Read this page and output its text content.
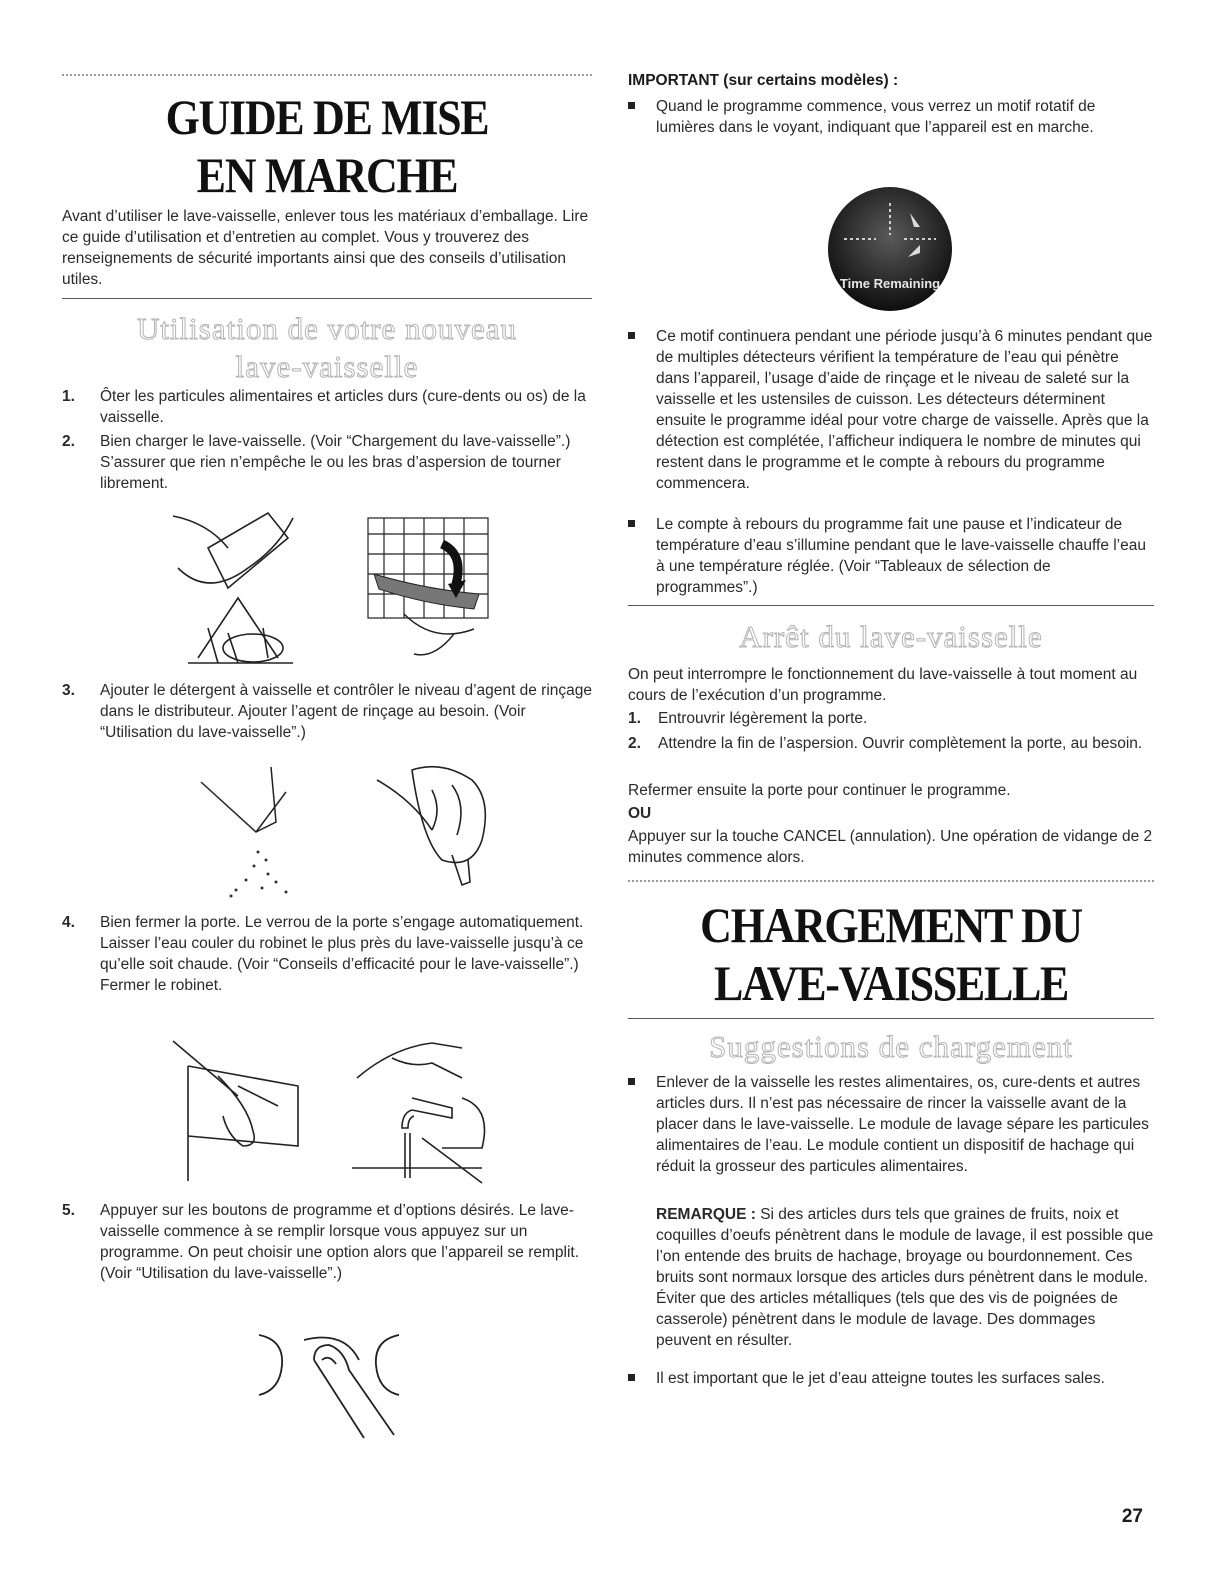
GUIDE DE MISE
EN MARCHE
Avant d’utiliser le lave-vaisselle, enlever tous les matériaux d’emballage. Lire ce guide d’utilisation et d’entretien au complet. Vous y trouverez des renseignements de sécurité importants ainsi que des conseils d’utilisation utiles.
Utilisation de votre nouveau
lave-vaisselle
1. Ôter les particules alimentaires et articles durs (cure-dents ou os) de la vaisselle.
2. Bien charger le lave-vaisselle. (Voir “Chargement du lave-vaisselle”.) S’assurer que rien n’empêche le ou les bras d’aspersion de tourner librement.
3. Ajouter le détergent à vaisselle et contrôler le niveau d’agent de rinçage dans le distributeur. Ajouter l’agent de rinçage au besoin. (Voir “Utilisation du lave-vaisselle”.)
4. Bien fermer la porte. Le verrou de la porte s’engage automatiquement. Laisser l’eau couler du robinet le plus près du lave-vaisselle jusqu’à ce qu’elle soit chaude. (Voir “Conseils d’efficacité pour le lave-vaisselle”.) Fermer le robinet.
5. Appuyer sur les boutons de programme et d’options désirés. Le lave-vaisselle commence à se remplir lorsque vous appuyez sur un programme. On peut choisir une option alors que l’appareil se remplit. (Voir “Utilisation du lave-vaisselle”.)
IMPORTANT (sur certains modèles) :
Quand le programme commence, vous verrez un motif rotatif de lumières dans le voyant, indiquant que l’appareil est en marche.
Time Remaining
Ce motif continuera pendant une période jusqu’à 6 minutes pendant que de multiples détecteurs vérifient la température de l’eau qui pénètre dans l’appareil, l’usage d’aide de rinçage et le niveau de saleté sur la vaisselle et les ustensiles de cuisson. Les détecteurs déterminent ensuite le programme idéal pour votre charge de vaisselle. Après que la détection est complétée, l’afficheur indiquera le nombre de minutes qui restent dans le programme et le compte à rebours du programme commencera.
Le compte à rebours du programme fait une pause et l’indicateur de température d’eau s’illumine pendant que le lave-vaisselle chauffe l’eau à une température réglée. (Voir “Tableaux de sélection de programmes”.)
Arrêt du lave-vaisselle
On peut interrompre le fonctionnement du lave-vaisselle à tout moment au cours de l’exécution d’un programme.
1. Entrouvrir légèrement la porte.
2. Attendre la fin de l’aspersion. Ouvrir complètement la porte, au besoin.
Refermer ensuite la porte pour continuer le programme.
OU
Appuyer sur la touche CANCEL (annulation). Une opération de vidange de 2 minutes commence alors.
CHARGEMENT DU
LAVE-VAISSELLE
Suggestions de chargement
Enlever de la vaisselle les restes alimentaires, os, cure-dents et autres articles durs. Il n’est pas nécessaire de rincer la vaisselle avant de la placer dans le lave-vaisselle. Le module de lavage sépare les particules alimentaires de l’eau. Le module contient un dispositif de hachage qui réduit la grosseur des particules alimentaires.
REMARQUE : Si des articles durs tels que graines de fruits, noix et coquilles d’oeufs pénètrent dans le module de lavage, il est possible que l’on entende des bruits de hachage, broyage ou bourdonnement. Ces bruits sont normaux lorsque des articles durs pénètrent dans le module. Éviter que des articles métalliques (tels que des vis de poignées de casserole) pénètrent dans le module de lavage. Des dommages peuvent en résulter.
Il est important que le jet d’eau atteigne toutes les surfaces sales.
27
